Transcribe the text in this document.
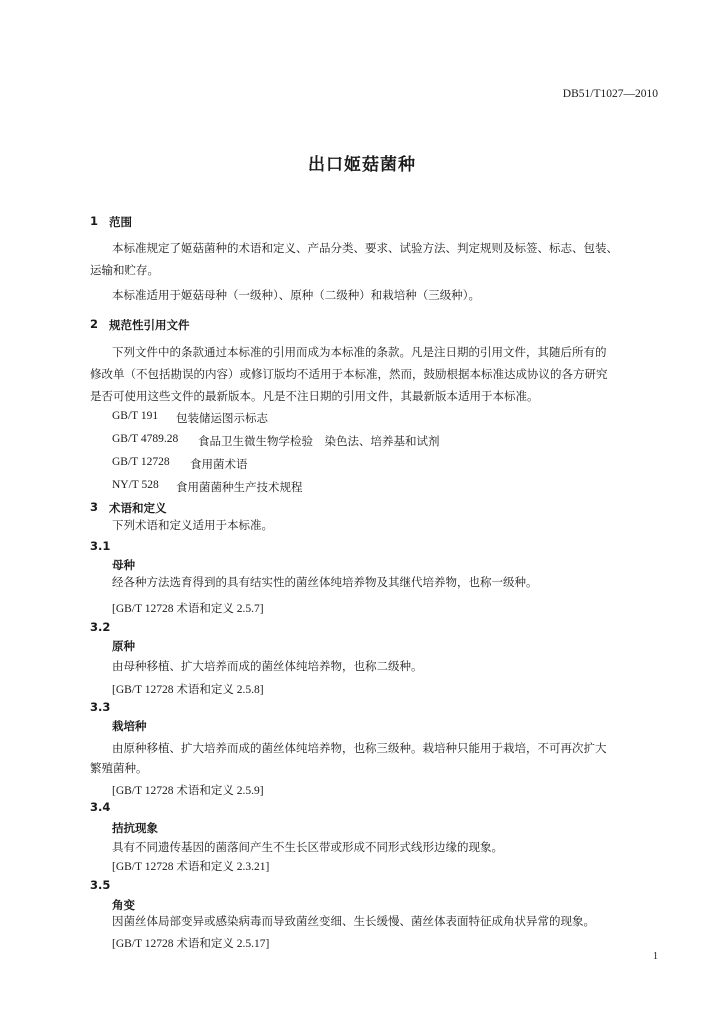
DB51/T1027—2010
出口姬菇菌种
1 范围
本标准规定了姬菇菌种的术语和定义、产品分类、要求、试验方法、判定规则及标签、标志、包装、
运输和贮存。
本标准适用于姬菇母种（一级种）、原种（二级种）和栽培种（三级种）。
2 规范性引用文件
下列文件中的条款通过本标准的引用而成为本标准的条款。凡是注日期的引用文件，其随后所有的
修改单（不包括勘误的内容）或修订版均不适用于本标准，然而，鼓励根据本标准达成协议的各方研究
是否可使用这些文件的最新版本。凡是不注日期的引用文件，其最新版本适用于本标准。
GB/T 191 包装储运图示标志
GB/T 4789.28 食品卫生微生物学检验　染色法、培养基和试剂
GB/T 12728 食用菌术语
NY/T 528 食用菌菌种生产技术规程
3 术语和定义
下列术语和定义适用于本标准。
3.1
母种
经各种方法选育得到的具有结实性的菌丝体纯培养物及其继代培养物，也称一级种。
[GB/T 12728 术语和定义 2.5.7]
3.2
原种
由母种移植、扩大培养而成的菌丝体纯培养物，也称二级种。
[GB/T 12728 术语和定义 2.5.8]
3.3
栽培种
由原种移植、扩大培养而成的菌丝体纯培养物，也称三级种。栽培种只能用于栽培，不可再次扩大
繁殖菌种。
[GB/T 12728 术语和定义 2.5.9]
3.4
拮抗现象
具有不同遗传基因的菌落间产生不生长区带或形成不同形式线形边缘的现象。
[GB/T 12728 术语和定义 2.3.21]
3.5
角变
因菌丝体局部变异或感染病毒而导致菌丝变细、生长缓慢、菌丝体表面特征成角状异常的现象。
[GB/T 12728 术语和定义 2.5.17]
1
